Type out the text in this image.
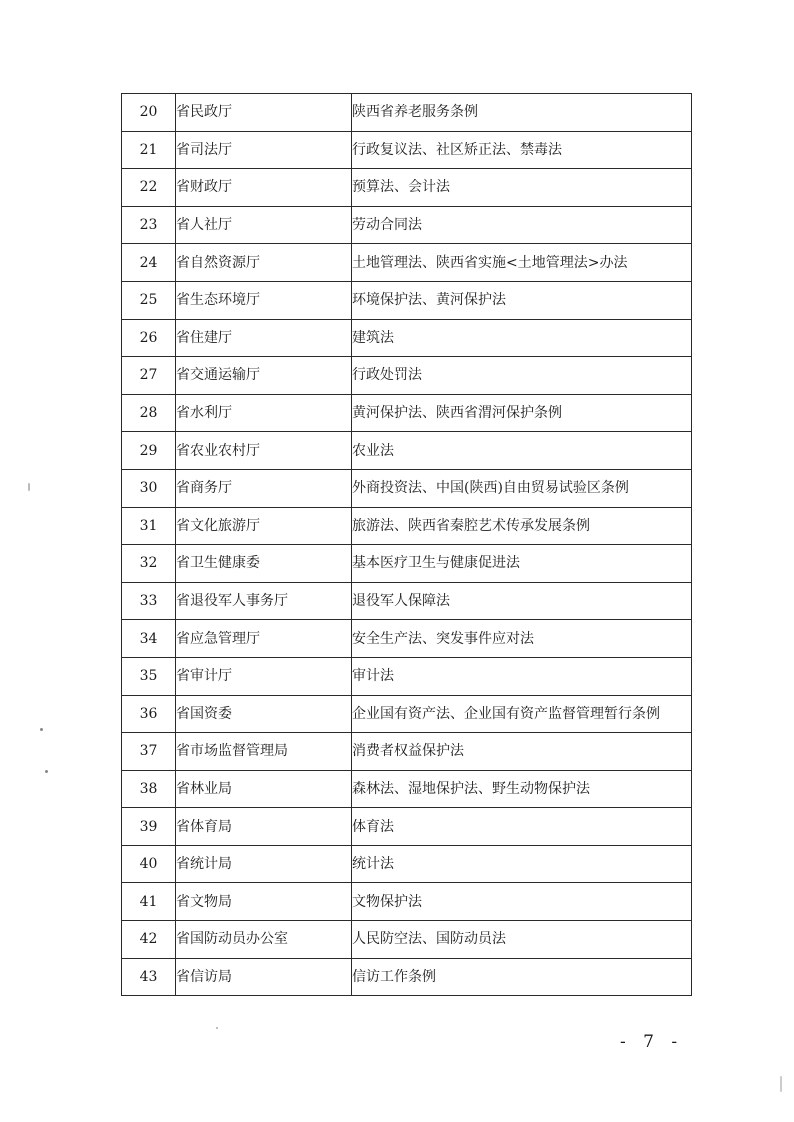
20	省民政厅	陕西省养老服务条例
21	省司法厅	行政复议法、社区矫正法、禁毒法
22	省财政厅	预算法、会计法
23	省人社厅	劳动合同法
24	省自然资源厅	土地管理法、陕西省实施<土地管理法>办法
25	省生态环境厅	环境保护法、黄河保护法
26	省住建厅	建筑法
27	省交通运输厅	行政处罚法
28	省水利厅	黄河保护法、陕西省渭河保护条例
29	省农业农村厅	农业法
30	省商务厅	外商投资法、中国(陕西)自由贸易试验区条例
31	省文化旅游厅	旅游法、陕西省秦腔艺术传承发展条例
32	省卫生健康委	基本医疗卫生与健康促进法
33	省退役军人事务厅	退役军人保障法
34	省应急管理厅	安全生产法、突发事件应对法
35	省审计厅	审计法
36	省国资委	企业国有资产法、企业国有资产监督管理暂行条例
37	省市场监督管理局	消费者权益保护法
38	省林业局	森林法、湿地保护法、野生动物保护法
39	省体育局	体育法
40	省统计局	统计法
41	省文物局	文物保护法
42	省国防动员办公室	人民防空法、国防动员法
43	省信访局	信访工作条例
- 7 -
